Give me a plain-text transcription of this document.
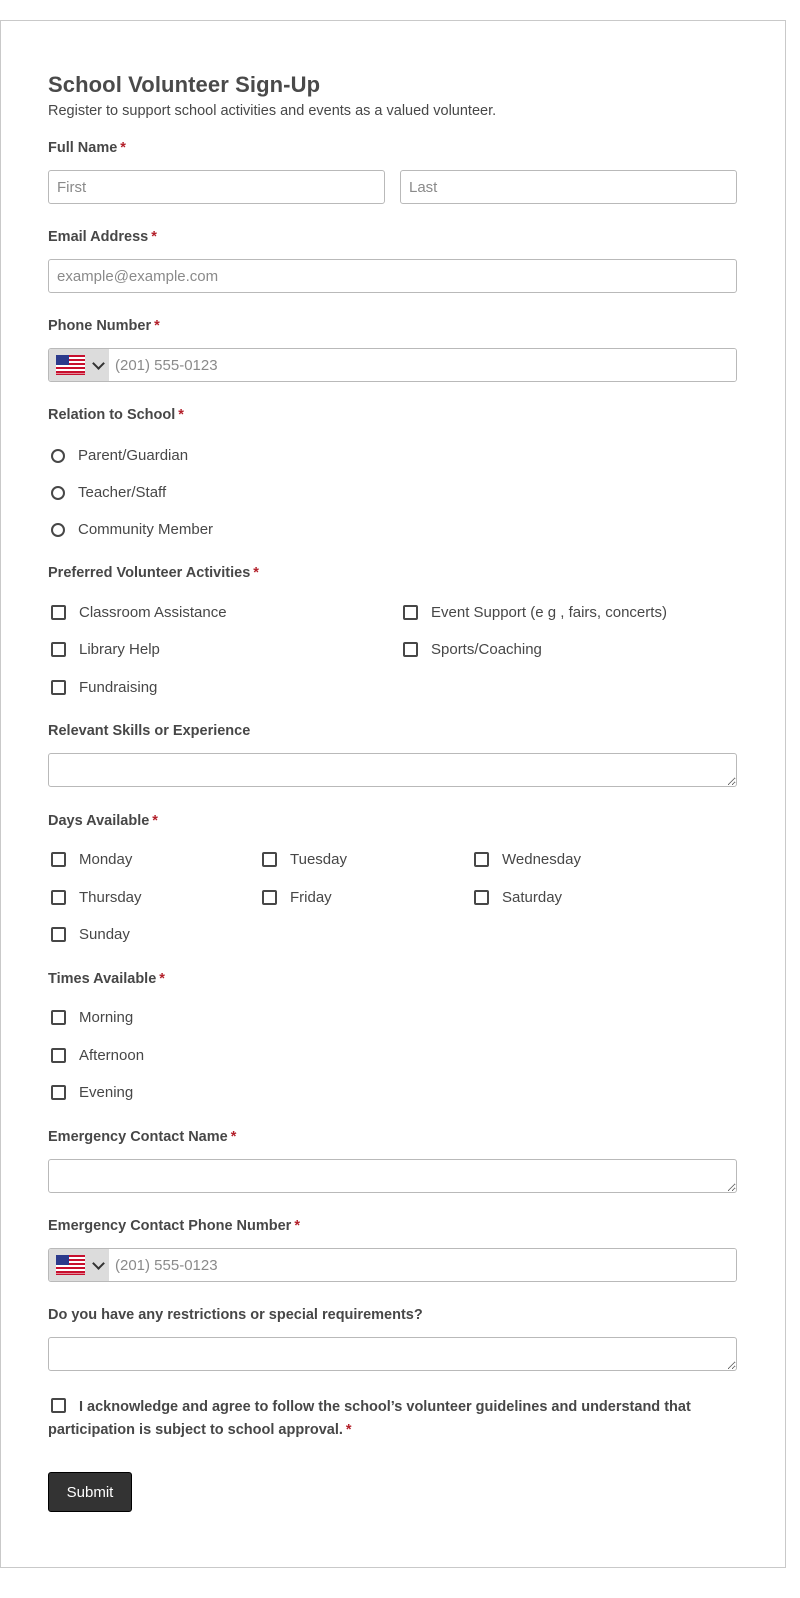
School Volunteer Sign-Up
Register to support school activities and events as a valued volunteer.
Full Name *
First
Last
Email Address *
example@example.com
Phone Number *
(201) 555-0123
Relation to School *
Parent/Guardian
Teacher/Staff
Community Member
Preferred Volunteer Activities *
Classroom Assistance	Event Support (e g , fairs, concerts)
Library Help	Sports/Coaching
Fundraising
Relevant Skills or Experience
Days Available *
Monday	Tuesday	Wednesday
Thursday	Friday	Saturday
Sunday
Times Available *
Morning
Afternoon
Evening
Emergency Contact Name *
Emergency Contact Phone Number *
(201) 555-0123
Do you have any restrictions or special requirements?
I acknowledge and agree to follow the school’s volunteer guidelines and understand that participation is subject to school approval. *
Submit
